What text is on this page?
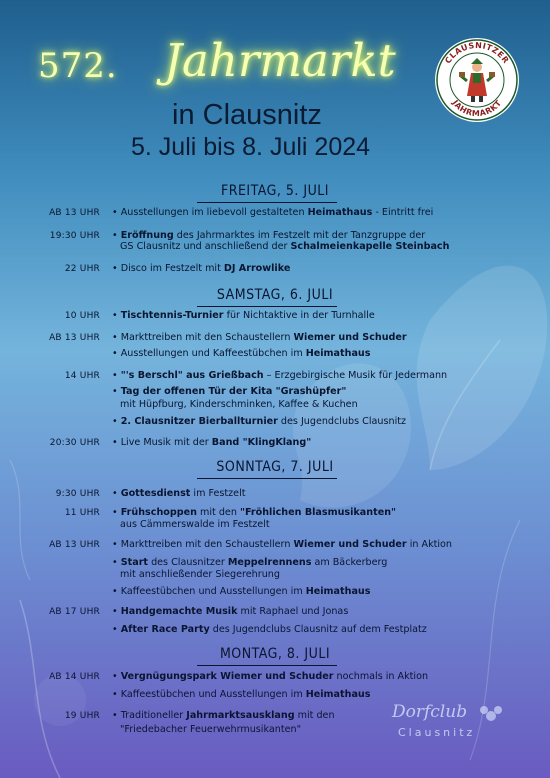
572. Jahrmarkt
in Clausnitz
5. Juli bis 8. Juli 2024
CLAUSNITZER
JAHRMARKT
FREITAG, 5. JULI
SAMSTAG, 6. JULI
SONNTAG, 7. JULI
MONTAG, 8. JULI
AB 13 UHR • Ausstellungen im liebevoll gestalteten Heimathaus - Eintritt frei
19:30 UHR • Eröffnung des Jahrmarktes im Festzelt mit der Tanzgruppe der
GS Clausnitz und anschließend der Schalmeienkapelle Steinbach
22 UHR • Disco im Festzelt mit DJ Arrowlike
10 UHR • Tischtennis-Turnier für Nichtaktive in der Turnhalle
AB 13 UHR • Markttreiben mit den Schaustellern Wiemer und Schuder
• Ausstellungen und Kaffeestübchen im Heimathaus
14 UHR • "'s Berschl" aus Grießbach – Erzgebirgische Musik für Jedermann
• Tag der offenen Tür der Kita "Grashüpfer"
mit Hüpfburg, Kinderschminken, Kaffee & Kuchen
• 2. Clausnitzer Bierballturnier des Jugendclubs Clausnitz
20:30 UHR • Live Musik mit der Band "KlingKlang"
9:30 UHR • Gottesdienst im Festzelt
11 UHR • Frühschoppen mit den "Fröhlichen Blasmusikanten"
aus Cämmerswalde im Festzelt
AB 13 UHR • Markttreiben mit den Schaustellern Wiemer und Schuder in Aktion
• Start des Clausnitzer Meppelrennens am Bäckerberg
mit anschließender Siegerehrung
• Kaffeestübchen und Ausstellungen im Heimathaus
AB 17 UHR • Handgemachte Musik mit Raphael und Jonas
• After Race Party des Jugendclubs Clausnitz auf dem Festplatz
AB 14 UHR • Vergnügungspark Wiemer und Schuder nochmals in Aktion
• Kaffeestübchen und Ausstellungen im Heimathaus
19 UHR • Traditioneller Jahrmarktsausklang mit den
"Friedebacher Feuerwehrmusikanten"
Dorfclub
Clausnitz
